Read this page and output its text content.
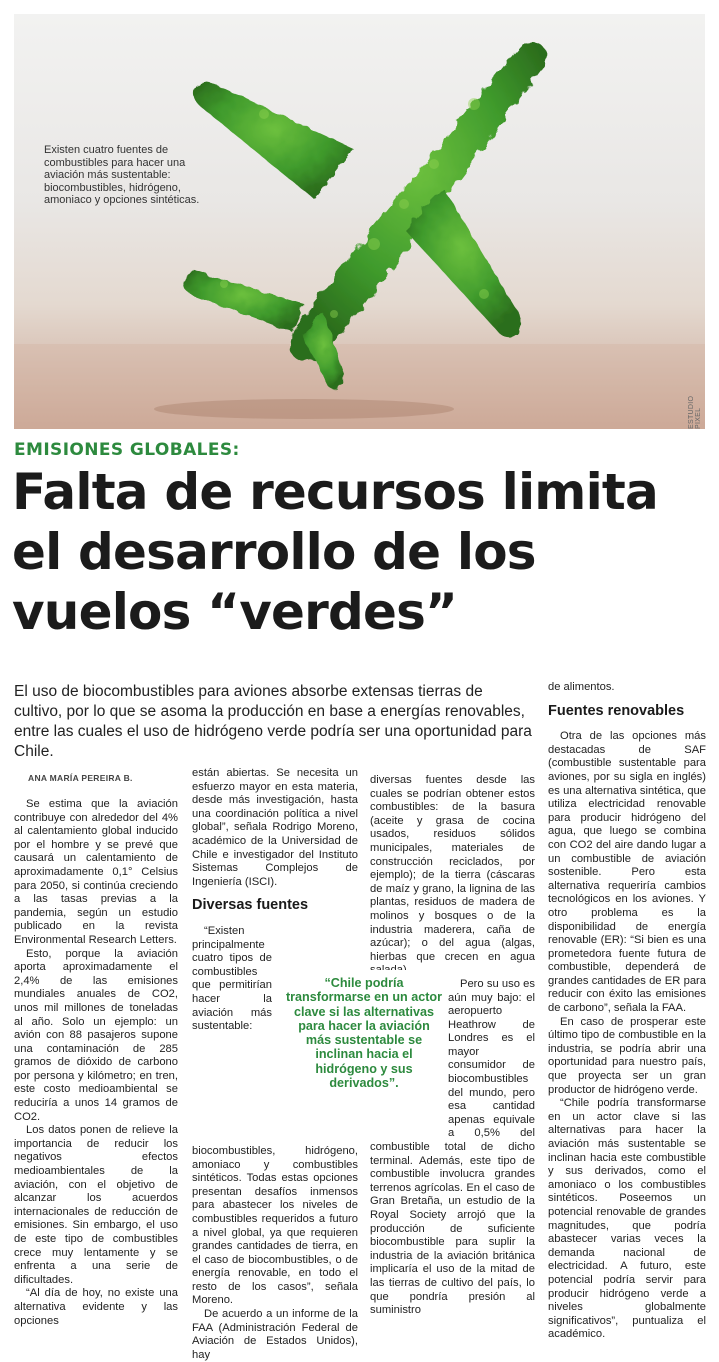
Existen cuatro fuentes de combustibles para hacer una aviación más sustentable: biocombustibles, hidrógeno, amoniaco y opciones sintéticas.
ESTUDIO PIXEL
EMISIONES GLOBALES:
Falta de recursos limita el desarrollo de los vuelos “verdes”
El uso de biocombustibles para aviones absorbe extensas tierras de cultivo, por lo que se asoma la producción en base a energías renovables, entre las cuales el uso de hidrógeno verde podría ser una oportunidad para Chile.
ANA MARÍA PEREIRA B.

Se estima que la aviación contribuye con alrededor del 4% al calentamiento global inducido por el hombre y se prevé que causará un calentamiento de aproximadamente 0,1° Celsius para 2050, si continúa creciendo a las tasas previas a la pandemia, según un estudio publicado en la revista Environmental Research Letters.

Esto, porque la aviación aporta aproximadamente el 2,4% de las emisiones mundiales anuales de CO2, unos mil millones de toneladas al año. Solo un ejemplo: un avión con 88 pasajeros supone una contaminación de 285 gramos de dióxido de carbono por persona y kilómetro; en tren, este costo medioambiental se reduciría a unos 14 gramos de CO2.

Los datos ponen de relieve la importancia de reducir los negativos efectos medioambientales de la aviación, con el objetivo de alcanzar los acuerdos internacionales de reducción de emisiones. Sin embargo, el uso de este tipo de combustibles crece muy lentamente y se enfrenta a una serie de dificultades.

“Al día de hoy, no existe una alternativa evidente y las opciones

están abiertas. Se necesita un esfuerzo mayor en esta materia, desde más investigación, hasta una coordinación política a nivel global”, señala Rodrigo Moreno, académico de la Universidad de Chile e investigador del Instituto Sistemas Complejos de Ingeniería (ISCI).

Diversas fuentes

“Existen principalmente cuatro tipos de combustibles que permitirían hacer la aviación más sustentable: biocombustibles, hidrógeno, amoniaco y combustibles sintéticos. Todas estas opciones presentan desafíos inmensos para abastecer los niveles de combustibles requeridos a futuro a nivel global, ya que requieren grandes cantidades de tierra, en el caso de biocombustibles, o de energía renovable, en todo el resto de los casos”, señala Moreno.

De acuerdo a un informe de la FAA (Administración Federal de Aviación de Estados Unidos), hay

diversas fuentes desde las cuales se podrían obtener estos combustibles: de la basura (aceite y grasa de cocina usados, residuos sólidos municipales, materiales de construcción reciclados, por ejemplo); de la tierra (cáscaras de maíz y grano, la lignina de las plantas, residuos de madera de molinos y bosques o de la industria maderera, caña de azúcar); o del agua (algas, hierbas que crecen en agua

Pero su uso es aún muy bajo: el aeropuerto Heathrow de Londres es el mayor consumidor de biocombustibles del mundo, pero esa cantidad apenas equivale a 0,5% del combustible total de dicho terminal. Además, este tipo de combustible involucra grandes terrenos agrícolas. En el caso de Gran Bretaña, un estudio de la Royal Society arrojó que la producción de suficiente biocombustible para suplir la industria de la aviación británica implicaría el uso de la mitad de las tierras de cultivo del país, lo que pondría presión al suministro

de alimentos.

Fuentes renovables

Otra de las opciones más destacadas de SAF (combustible sustentable para aviones, por su sigla en inglés) es una alternativa sintética, que utiliza electricidad renovable para producir hidrógeno del agua, que luego se combina con CO2 del aire dando lugar a un combustible de aviación sostenible. Pero esta alternativa requeriría cambios tecnológicos en los aviones. Y otro problema es la disponibilidad de energía renovable (ER): “Si bien es una prometedora fuente futura de combustible, dependerá de grandes cantidades de ER para reducir con éxito las emisiones de carbono”, señala la FAA.

En caso de prosperar este último tipo de combustible en la industria, se podría abrir una oportunidad para nuestro país, que proyecta ser un gran productor de hidrógeno verde.

“Chile podría transformarse en un actor clave si las alternativas para hacer la aviación más sustentable se inclinan hacia este combustible y sus derivados, como el amoniaco o los combustibles sintéticos. Poseemos un potencial renovable de grandes magnitudes, que podría abastecer varias veces la demanda nacional de electricidad. A futuro, este potencial podría servir para producir hidrógeno verde a niveles globalmente significativos”, puntualiza el académico.

“Chile podría transformarse en un actor clave si las alternativas para hacer la aviación más sustentable se inclinan hacia el hidrógeno y sus derivados”.
